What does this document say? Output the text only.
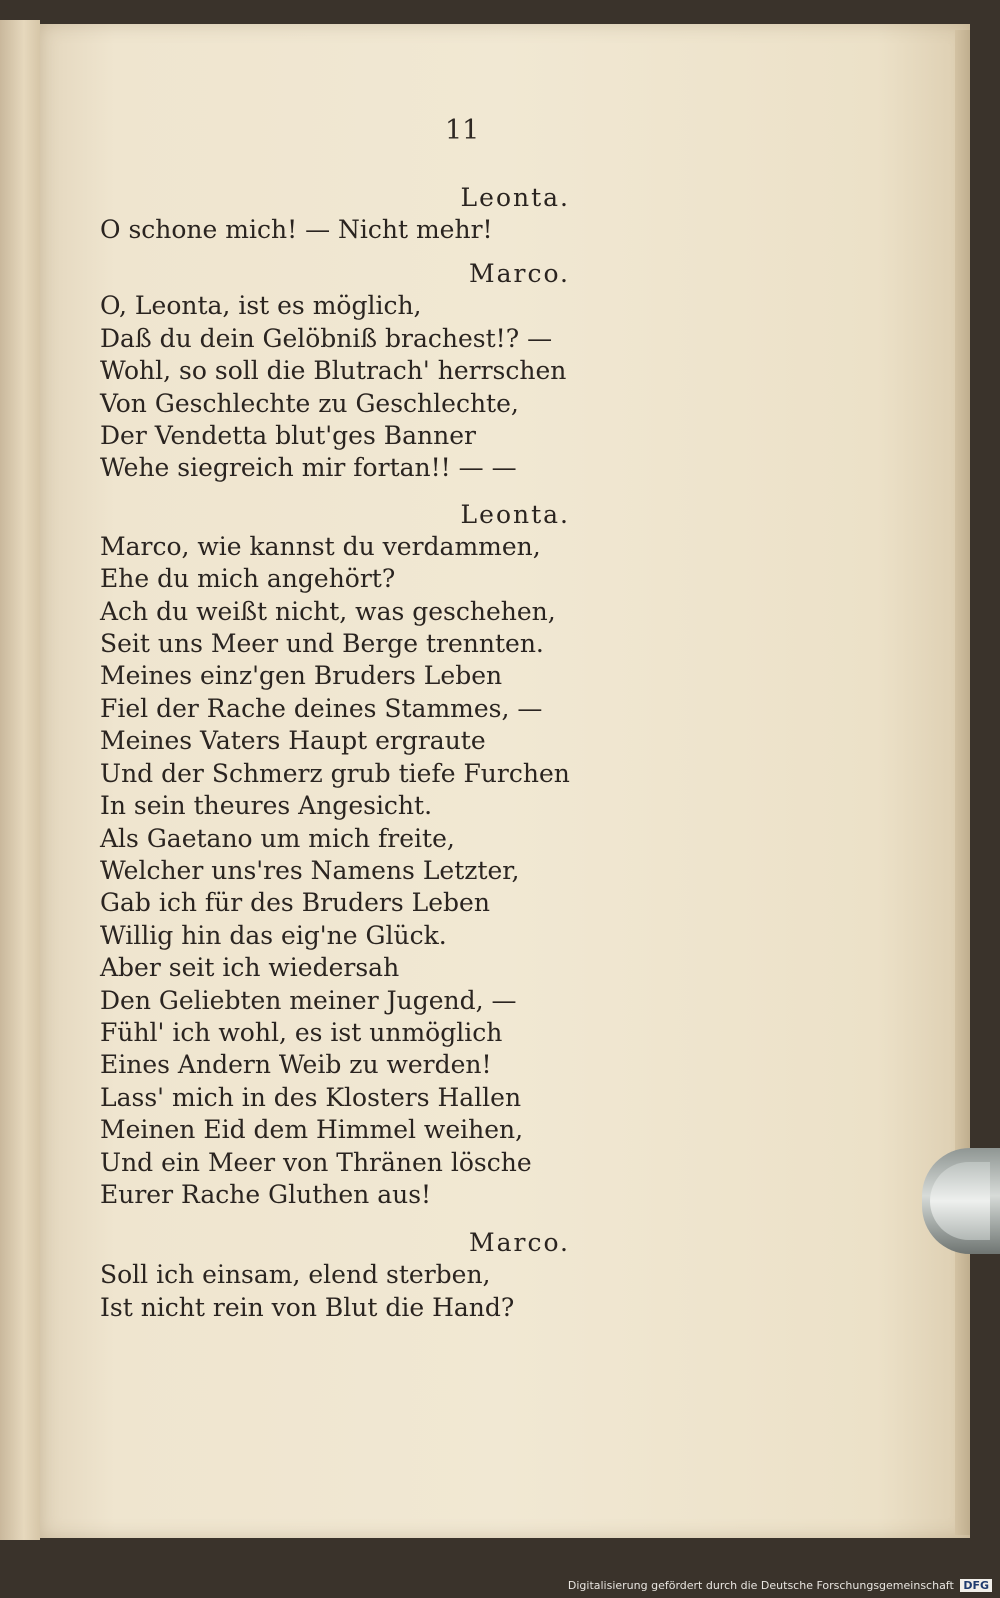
11

Leonta.

O schone mich! — Nicht mehr!

Marco.

O, Leonta, ist es möglich,

Daß du dein Gelöbniß brachest!? —

Wohl, so soll die Blutrach' herrschen

Von Geschlechte zu Geschlechte,

Der Vendetta blut'ges Banner

Wehe siegreich mir fortan!! — —

Leonta.

Marco, wie kannst du verdammen,

Ehe du mich angehört?

Ach du weißt nicht, was geschehen,

Seit uns Meer und Berge trennten.

Meines einz'gen Bruders Leben

Fiel der Rache deines Stammes, —

Meines Vaters Haupt ergraute

Und der Schmerz grub tiefe Furchen

In sein theures Angesicht.

Als Gaetano um mich freite,

Welcher uns'res Namens Letzter,

Gab ich für des Bruders Leben

Willig hin das eig'ne Glück.

Aber seit ich wiedersah

Den Geliebten meiner Jugend, —

Fühl' ich wohl, es ist unmöglich

Eines Andern Weib zu werden!

Lass' mich in des Klosters Hallen

Meinen Eid dem Himmel weihen,

Und ein Meer von Thränen lösche

Eurer Rache Gluthen aus!

Marco.

Soll ich einsam, elend sterben,

Ist nicht rein von Blut die Hand?

Digitalisierung gefördert durch die Deutsche Forschungsgemeinschaft DFG
